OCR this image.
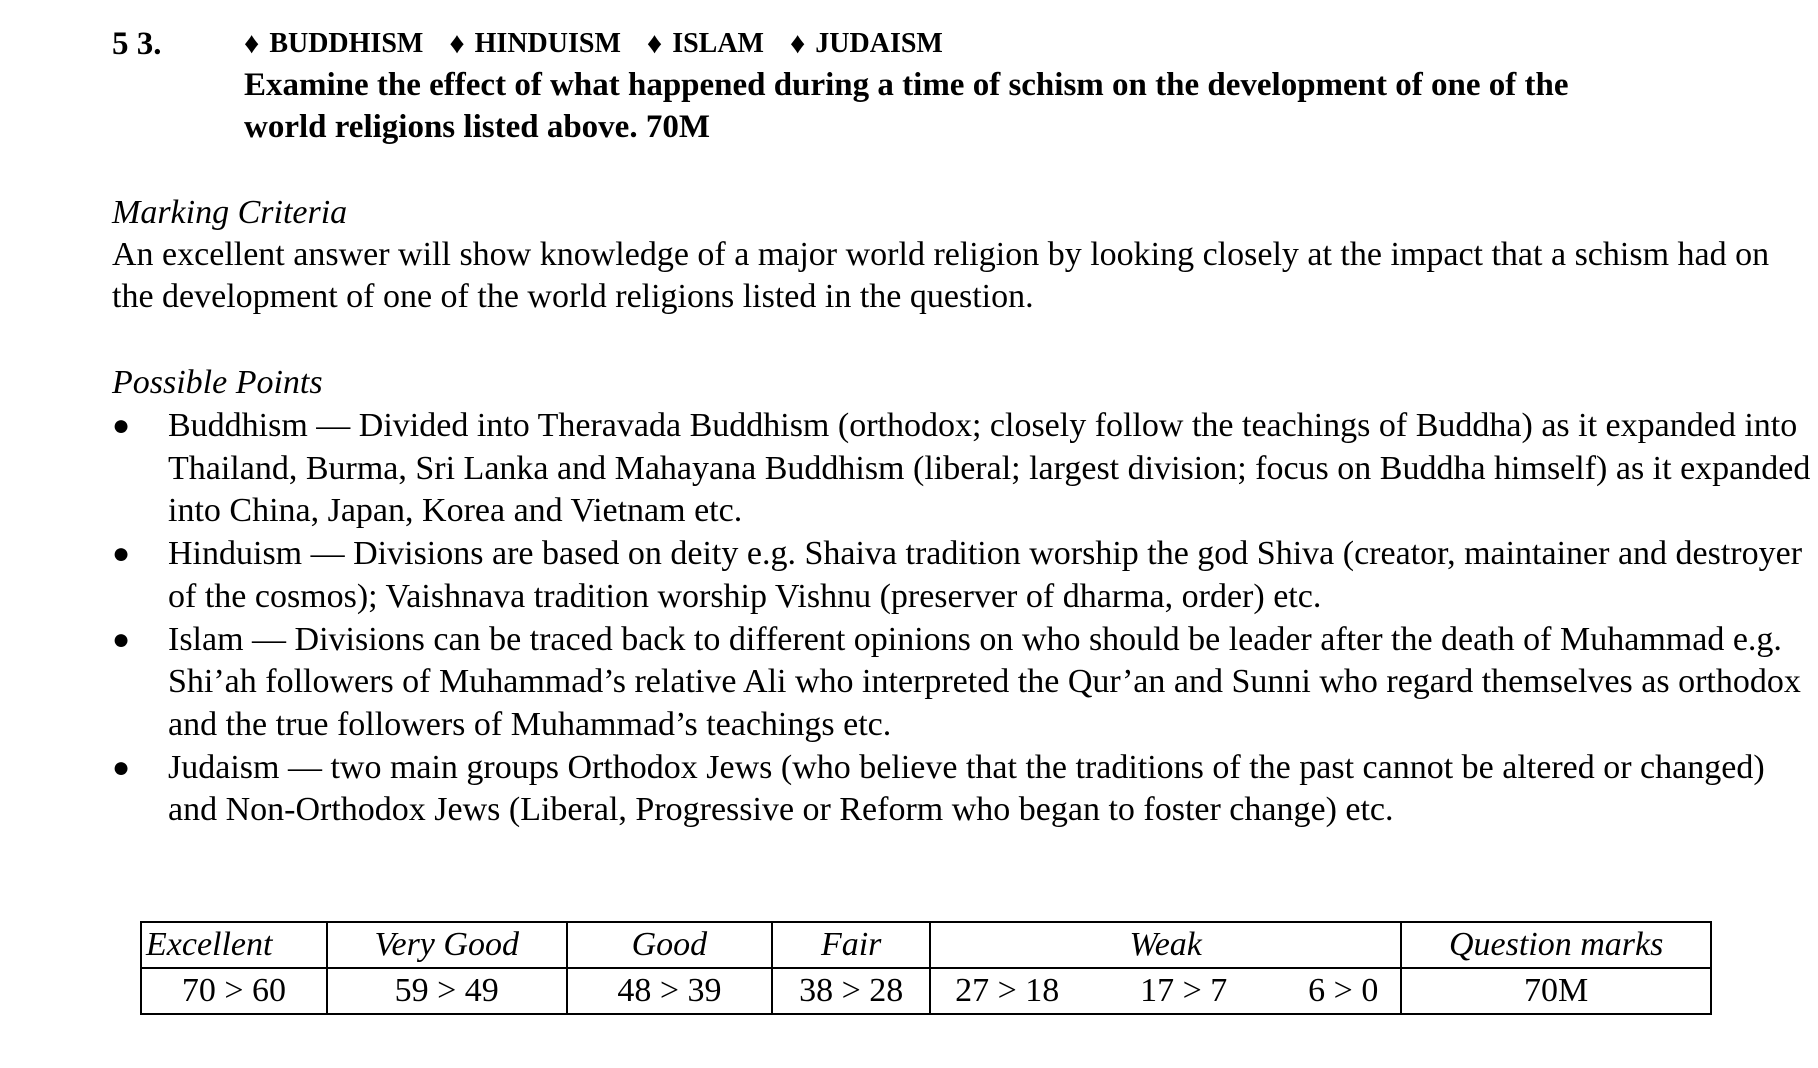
5 3.	♦ BUDDHISM ♦ HINDUISM ♦ ISLAM ♦ JUDAISM

Examine the effect of what happened during a time of schism on the development of one of the world religions listed above. 70M

Marking Criteria

An excellent answer will show knowledge of a major world religion by looking closely at the impact that a schism had on the development of one of the world religions listed in the question.

Possible Points
● Buddhism — Divided into Theravada Buddhism (orthodox; closely follow the teachings of Buddha) as it expanded into Thailand, Burma, Sri Lanka and Mahayana Buddhism (liberal; largest division; focus on Buddha himself) as it expanded into China, Japan, Korea and Vietnam etc.
● Hinduism — Divisions are based on deity e.g. Shaiva tradition worship the god Shiva (creator, maintainer and destroyer of the cosmos); Vaishnava tradition worship Vishnu (preserver of dharma, order) etc.
● Islam — Divisions can be traced back to different opinions on who should be leader after the death of Muhammad e.g. Shi’ah followers of Muhammad’s relative Ali who interpreted the Qur’an and Sunni who regard themselves as orthodox and the true followers of Muhammad’s teachings etc.
● Judaism — two main groups Orthodox Jews (who believe that the traditions of the past cannot be altered or changed) and Non-Orthodox Jews (Liberal, Progressive or Reform who began to foster change) etc.
Excellent	Very Good	Good	Fair	Weak	Question marks
70 > 60	59 > 49	48 > 39	38 > 28	27 > 18 17 > 7 6 > 0	70M
